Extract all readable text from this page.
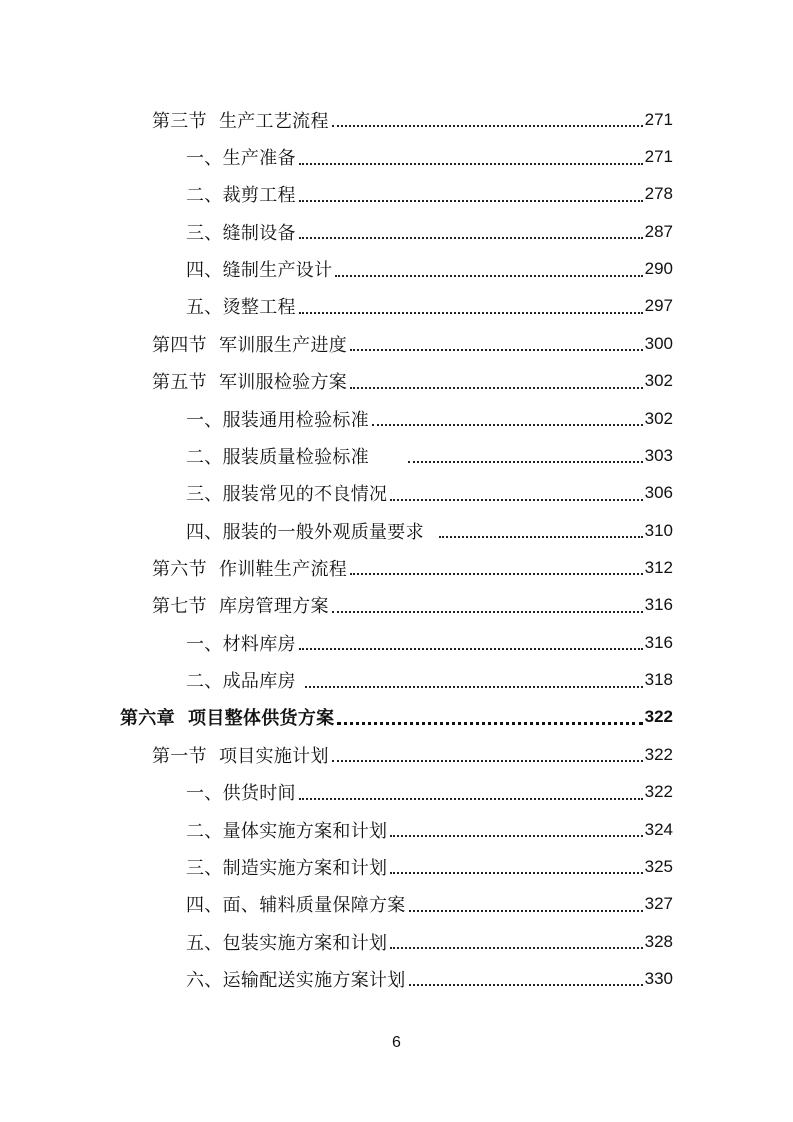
第三节  生产工艺流程	271
一、生产准备	271
二、裁剪工程	278
三、缝制设备	287
四、缝制生产设计	290
五、烫整工程	297
第四节  军训服生产进度	300
第五节  军训服检验方案	302
一、服装通用检验标准	302
二、服装质量检验标准	303
三、服装常见的不良情况	306
四、服装的一般外观质量要求	310
第六节  作训鞋生产流程	312
第七节  库房管理方案	316
一、材料库房	316
二、成品库房	318
第六章  项目整体供货方案	322
第一节  项目实施计划	322
一、供货时间	322
二、量体实施方案和计划	324
三、制造实施方案和计划	325
四、面、辅料质量保障方案	327
五、包装实施方案和计划	328
六、运输配送实施方案计划	330
6
